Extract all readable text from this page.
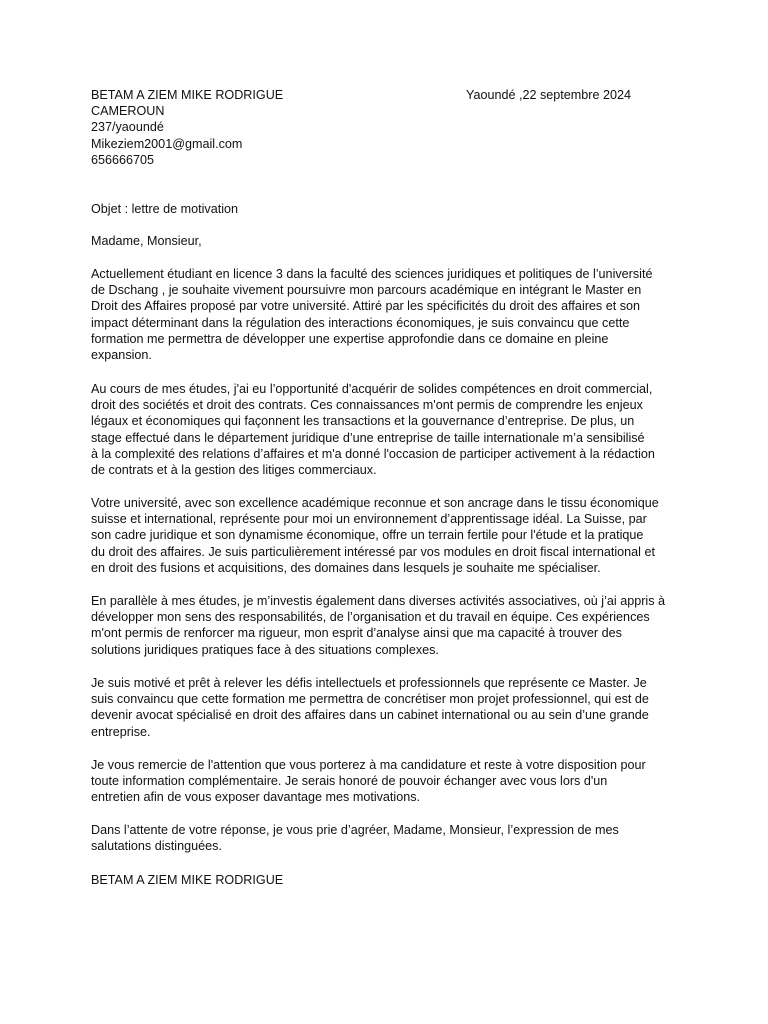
BETAM A ZIEM MIKE RODRIGUE
CAMEROUN
237/yaoundé
Mikeziem2001@gmail.com
656666705
Yaoundé ,22 septembre 2024
Objet : lettre de motivation
Madame, Monsieur,
Actuellement étudiant en licence 3 dans la faculté des sciences juridiques et politiques de l’université
de Dschang , je souhaite vivement poursuivre mon parcours académique en intégrant le Master en
Droit des Affaires proposé par votre université. Attiré par les spécificités du droit des affaires et son
impact déterminant dans la régulation des interactions économiques, je suis convaincu que cette
formation me permettra de développer une expertise approfondie dans ce domaine en pleine
expansion.
Au cours de mes études, j'ai eu l’opportunité d'acquérir de solides compétences en droit commercial,
droit des sociétés et droit des contrats. Ces connaissances m'ont permis de comprendre les enjeux
légaux et économiques qui façonnent les transactions et la gouvernance d’entreprise. De plus, un
stage effectué dans le département juridique d’une entreprise de taille internationale m’a sensibilisé
à la complexité des relations d’affaires et m'a donné l'occasion de participer activement à la rédaction
de contrats et à la gestion des litiges commerciaux.
Votre université, avec son excellence académique reconnue et son ancrage dans le tissu économique
suisse et international, représente pour moi un environnement d’apprentissage idéal. La Suisse, par
son cadre juridique et son dynamisme économique, offre un terrain fertile pour l'étude et la pratique
du droit des affaires. Je suis particulièrement intéressé par vos modules en droit fiscal international et
en droit des fusions et acquisitions, des domaines dans lesquels je souhaite me spécialiser.
En parallèle à mes études, je m’investis également dans diverses activités associatives, où j’ai appris à
développer mon sens des responsabilités, de l’organisation et du travail en équipe. Ces expériences
m'ont permis de renforcer ma rigueur, mon esprit d’analyse ainsi que ma capacité à trouver des
solutions juridiques pratiques face à des situations complexes.
Je suis motivé et prêt à relever les défis intellectuels et professionnels que représente ce Master. Je
suis convaincu que cette formation me permettra de concrétiser mon projet professionnel, qui est de
devenir avocat spécialisé en droit des affaires dans un cabinet international ou au sein d’une grande
entreprise.
Je vous remercie de l'attention que vous porterez à ma candidature et reste à votre disposition pour
toute information complémentaire. Je serais honoré de pouvoir échanger avec vous lors d'un
entretien afin de vous exposer davantage mes motivations.
Dans l’attente de votre réponse, je vous prie d’agréer, Madame, Monsieur, l’expression de mes
salutations distinguées.
BETAM A ZIEM MIKE RODRIGUE
